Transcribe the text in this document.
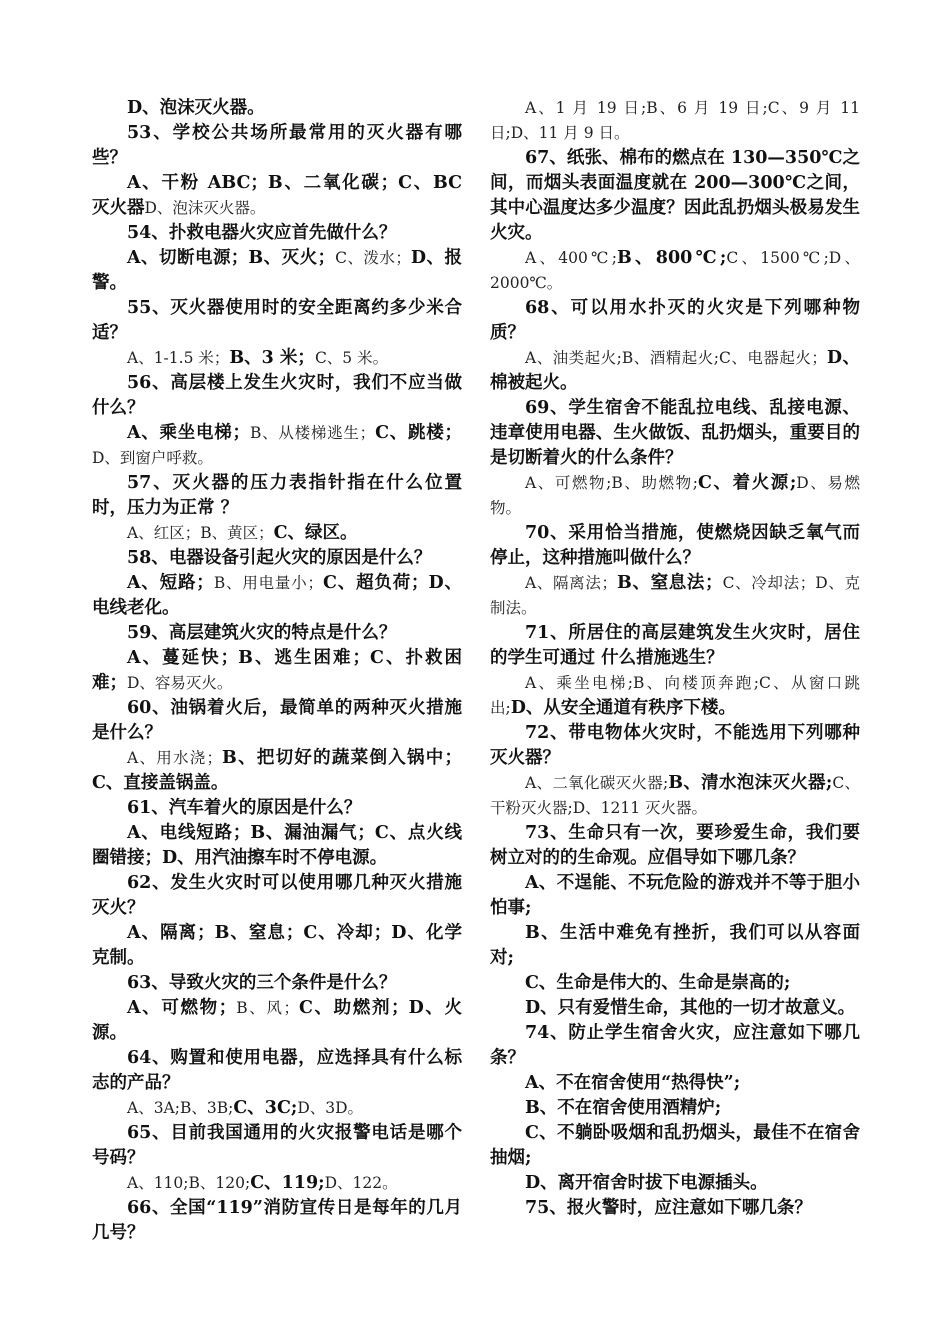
D、泡沫灭火器。

53、学校公共场所最常用的灭火器有哪些？

A、干粉 ABC；B、二氧化碳；C、BC 灭火器D、泡沫灭火器。

54、扑救电器火灾应首先做什么？

A、切断电源；B、灭火；C、泼水；D、报警。

55、灭火器使用时的安全距离约多少米合适？

A、1-1.5 米；B、3 米；C、5 米。

56、高层楼上发生火灾时，我们不应当做什么？

A、乘坐电梯；B、从楼梯逃生；C、跳楼；D、到窗户呼救。

57、灭火器的压力表指针指在什么位置时，压力为正常 ？

A、红区；B、黄区；C、绿区。

58、电器设备引起火灾的原因是什么？

A、短路；B、用电量小；C、超负荷；D、电线老化。

59、高层建筑火灾的特点是什么？

A、蔓延快；B、逃生困难；C、扑救困难；D、容易灭火。

60、油锅着火后，最简单的两种灭火措施是什么？

A、用水浇；B、把切好的蔬菜倒入锅中；C、直接盖锅盖。

61、汽车着火的原因是什么？

A、电线短路；B、漏油漏气；C、点火线圈错接；D、用汽油擦车时不停电源。

62、发生火灾时可以使用哪几种灭火措施灭火？

A、隔离；B、窒息；C、冷却；D、化学克制。

63、导致火灾的三个条件是什么？

A、可燃物；B、风；C、助燃剂；D、火源。

64、购置和使用电器，应选择具有什么标志的产品？

A、3A;B、3B;C、3C;D、3D。

65、目前我国通用的火灾报警电话是哪个号码？

A、110;B、120;C、119;D、122。

66、全国“119”消防宣传日是每年的几月几号？

A、1 月 19 日;B、6 月 19 日;C、9 月 11 日;D、11 月 9 日。

67、纸张、棉布的燃点在 130—350℃之间，而烟头表面温度就在 200—300℃之间，其中心温度达多少温度？因此乱扔烟头极易发生火灾。

A、400℃;B、800℃;C、1500℃;D、2000℃。

68、可以用水扑灭的火灾是下列哪种物质？

A、油类起火;B、酒精起火;C、电器起火；D、棉被起火。

69、学生宿舍不能乱拉电线、乱接电源、违章使用电器、生火做饭、乱扔烟头，重要目的是切断着火的什么条件？

A、可燃物;B、助燃物;C、着火源;D、易燃物。

70、采用恰当措施，使燃烧因缺乏氧气而停止，这种措施叫做什么？

A、隔离法；B、窒息法；C、冷却法；D、克制法。

71、所居住的高层建筑发生火灾时，居住的学生可通过 什么措施逃生？

A、乘坐电梯;B、向楼顶奔跑;C、从窗口跳出;D、从安全通道有秩序下楼。

72、带电物体火灾时，不能选用下列哪种灭火器？

A、二氧化碳灭火器;B、清水泡沫灭火器;C、干粉灭火器;D、1211 灭火器。

73、生命只有一次，要珍爱生命，我们要树立对的的生命观。应倡导如下哪几条？

A、不逞能、不玩危险的游戏并不等于胆小怕事;

B、生活中难免有挫折，我们可以从容面对;

C、生命是伟大的、生命是崇高的;

D、只有爱惜生命，其他的一切才故意义。

74、防止学生宿舍火灾，应注意如下哪几条？

A、不在宿舍使用“热得快”;

B、不在宿舍使用酒精炉;

C、不躺卧吸烟和乱扔烟头，最佳不在宿舍抽烟;

D、离开宿舍时拔下电源插头。

75、报火警时，应注意如下哪几条？
